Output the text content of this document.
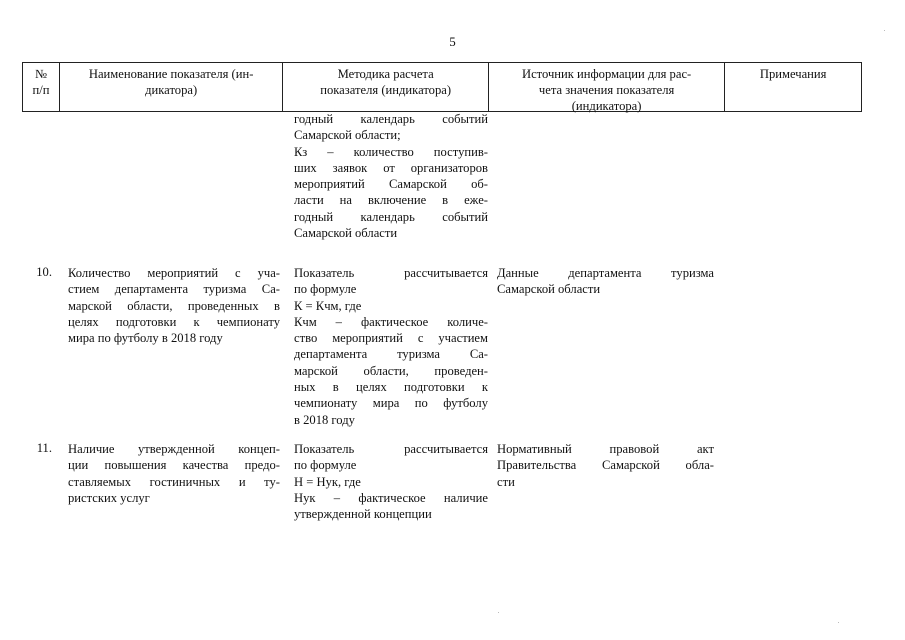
5
№
п/п
Наименование показателя (ин-
дикатора)
Методика расчета
показателя (индикатора)
Источник информации для рас-
чета значения показателя
(индикатора)
Примечания
годный календарь событий
Самарской области;
Кз – количество поступив-
ших заявок от организаторов
мероприятий Самарской об-
ласти на включение в еже-
годный календарь событий
Самарской области
10. Количество мероприятий с уча-
стием департамента туризма Са-
марской области, проведенных в
целях подготовки к чемпионату
мира по футболу в 2018 году
Показатель рассчитывается
по формуле
К = Кчм, где
Кчм – фактическое количе-
ство мероприятий с участием
департамента туризма Са-
марской области, проведен-
ных в целях подготовки к
чемпионату мира по футболу
в 2018 году
Данные департамента туризма
Самарской области
11. Наличие утвержденной концеп-
ции повышения качества предо-
ставляемых гостиничных и ту-
ристских услуг
Показатель рассчитывается
по формуле
Н = Нук, где
Нук – фактическое наличие
утвержденной концепции
Нормативный правовой акт
Правительства Самарской обла-
сти
